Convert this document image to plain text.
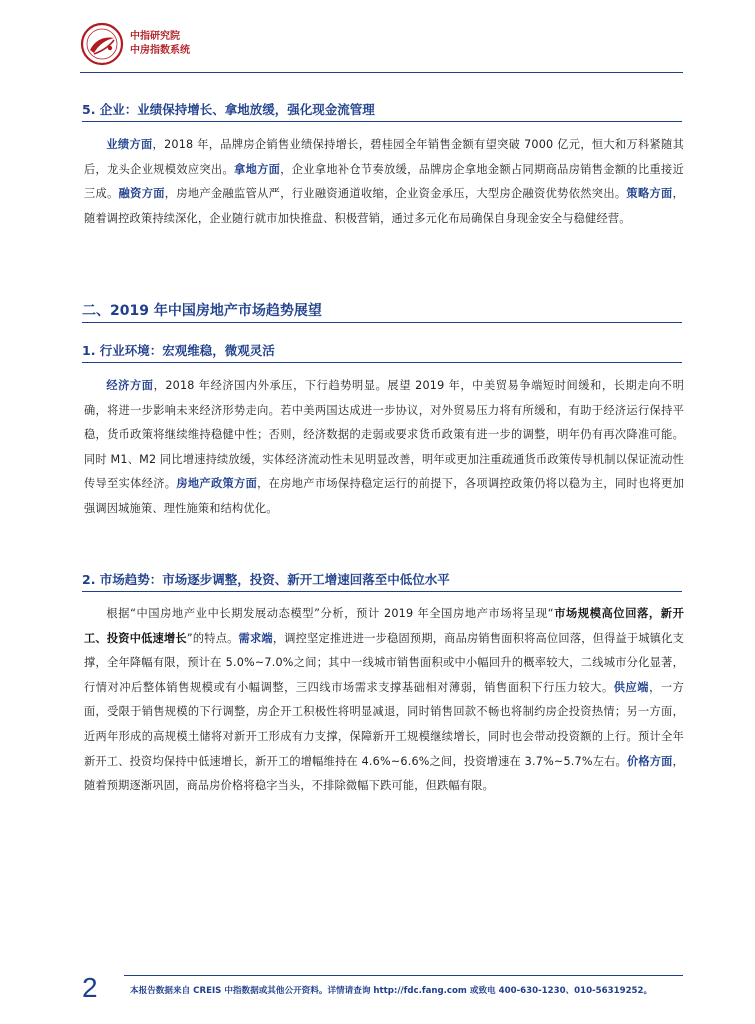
中指研究院
中房指数系统
5. 企业：业绩保持增长、拿地放缓，强化现金流管理
业绩方面，2018 年，品牌房企销售业绩保持增长，碧桂园全年销售金额有望突破 7000 亿元，恒大和万科紧随其后，龙头企业规模效应突出。拿地方面，企业拿地补仓节奏放缓，品牌房企拿地金额占同期商品房销售金额的比重接近三成。融资方面，房地产金融监管从严，行业融资通道收缩，企业资金承压，大型房企融资优势依然突出。策略方面，随着调控政策持续深化，企业随行就市加快推盘、积极营销，通过多元化布局确保自身现金安全与稳健经营。
二、2019 年中国房地产市场趋势展望
1. 行业环境：宏观维稳，微观灵活
经济方面，2018 年经济国内外承压，下行趋势明显。展望 2019 年，中美贸易争端短时间缓和，长期走向不明确，将进一步影响未来经济形势走向。若中美两国达成进一步协议，对外贸易压力将有所缓和，有助于经济运行保持平稳，货币政策将继续维持稳健中性；否则，经济数据的走弱或要求货币政策有进一步的调整，明年仍有再次降准可能。同时 M1、M2 同比增速持续放缓，实体经济流动性未见明显改善，明年或更加注重疏通货币政策传导机制以保证流动性传导至实体经济。房地产政策方面，在房地产市场保持稳定运行的前提下，各项调控政策仍将以稳为主，同时也将更加强调因城施策、理性施策和结构优化。
2. 市场趋势：市场逐步调整，投资、新开工增速回落至中低位水平
根据“中国房地产业中长期发展动态模型”分析，预计 2019 年全国房地产市场将呈现“市场规模高位回落，新开工、投资中低速增长”的特点。需求端，调控坚定推进进一步稳固预期，商品房销售面积将高位回落，但得益于城镇化支撑，全年降幅有限，预计在 5.0%~7.0%之间；其中一线城市销售面积或中小幅回升的概率较大，二线城市分化显著，行情对冲后整体销售规模或有小幅调整，三四线市场需求支撑基础相对薄弱，销售面积下行压力较大。供应端，一方面，受限于销售规模的下行调整，房企开工积极性将明显减退，同时销售回款不畅也将制约房企投资热情；另一方面，近两年形成的高规模土储将对新开工形成有力支撑，保障新开工规模继续增长，同时也会带动投资额的上行。预计全年新开工、投资均保持中低速增长，新开工的增幅维持在 4.6%~6.6%之间，投资增速在 3.7%~5.7%左右。价格方面，随着预期逐渐巩固，商品房价格将稳字当头，不排除微幅下跌可能，但跌幅有限。
2	本报告数据来自 CREIS 中指数据或其他公开资料。详情请查询 http://fdc.fang.com 或致电 400-630-1230、010-56319252。
